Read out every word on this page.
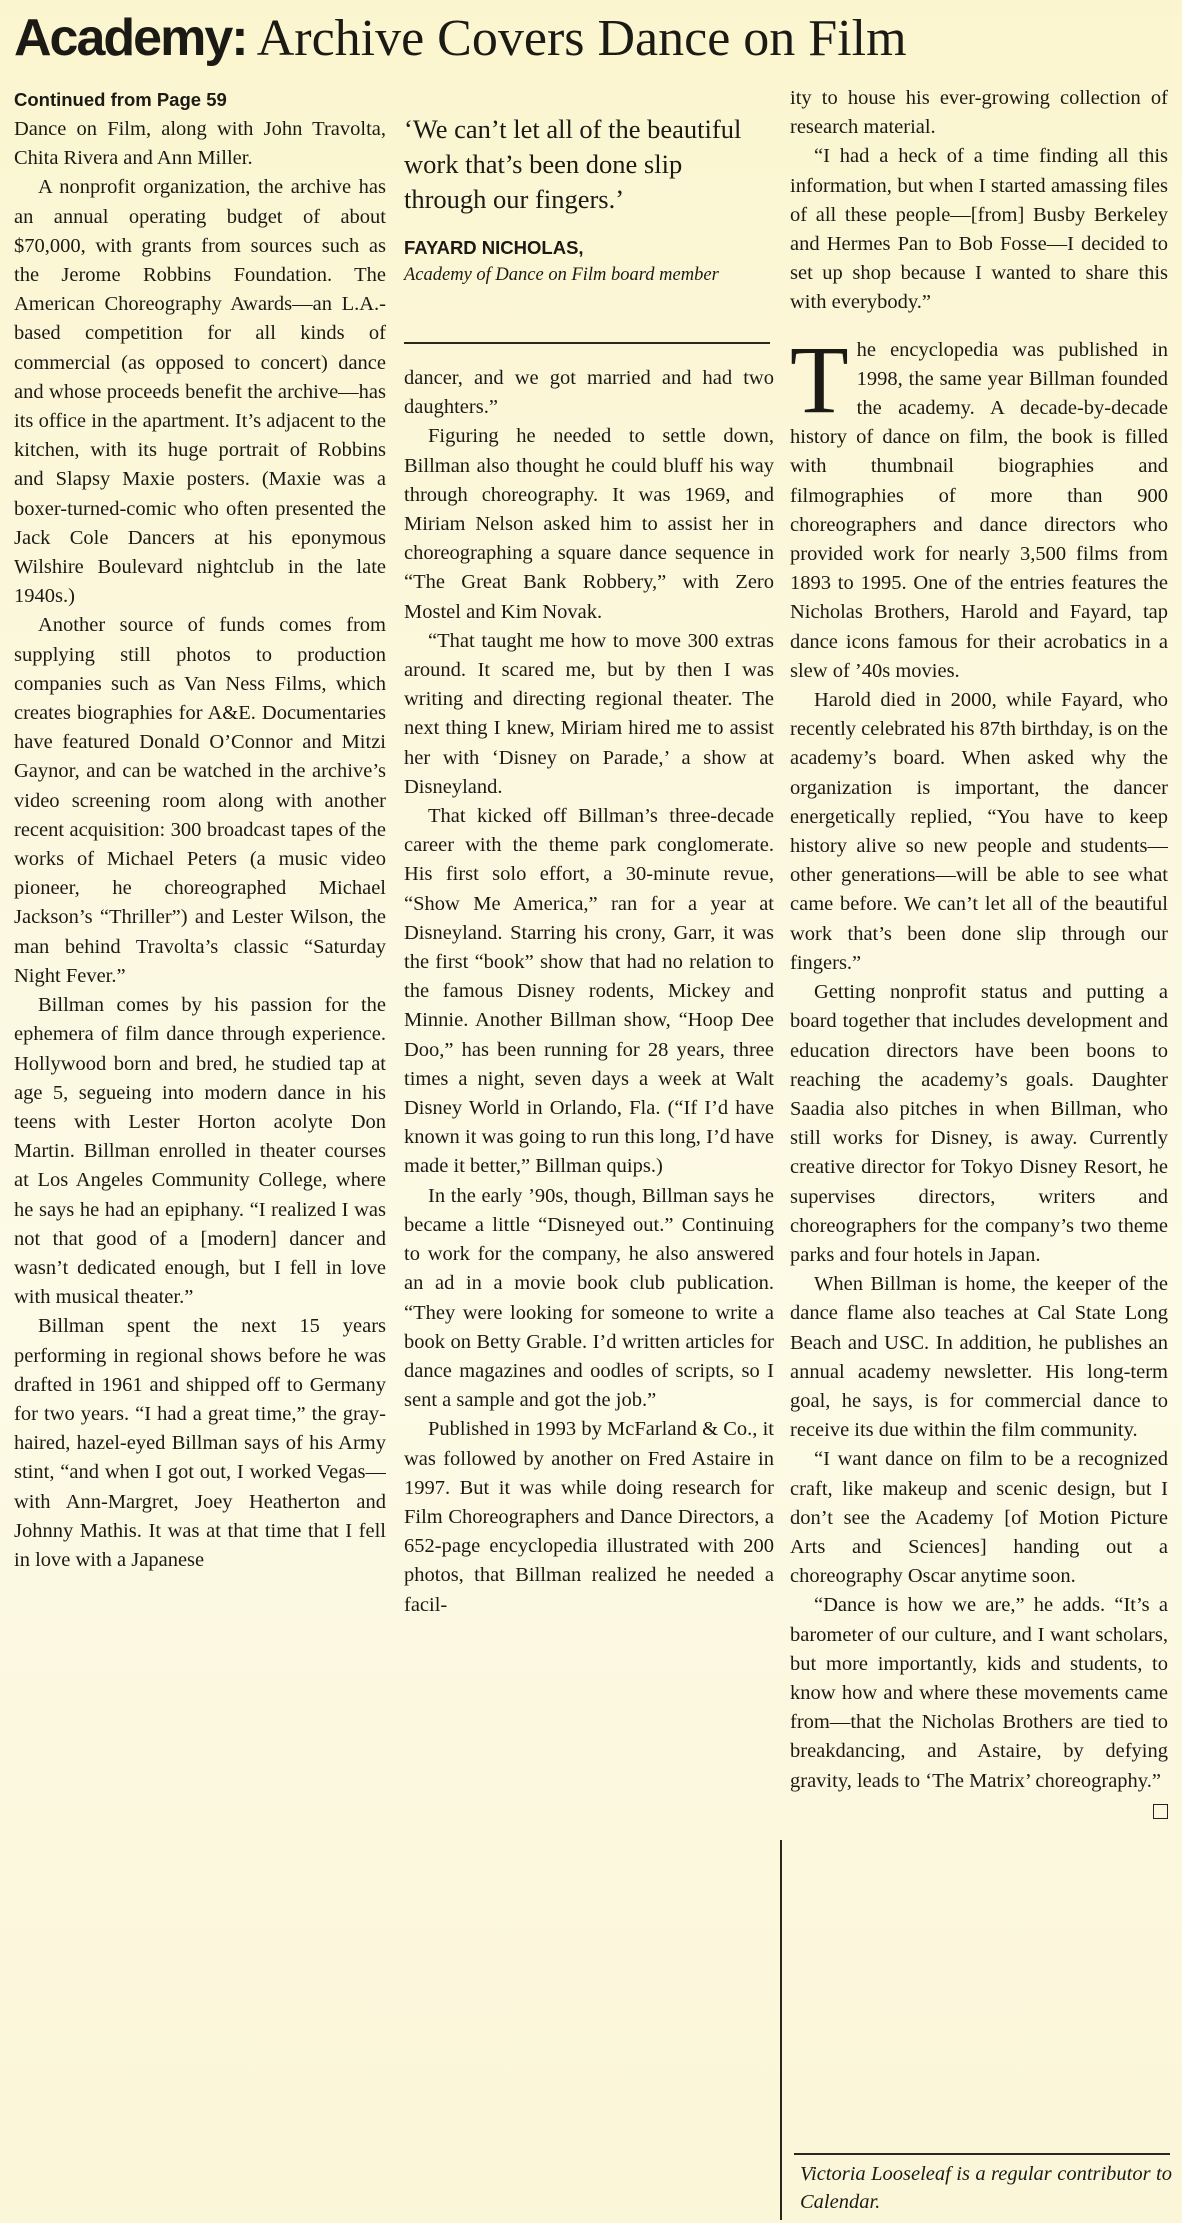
Academy: Archive Covers Dance on Film
Continued from Page 59

Dance on Film, along with John Travolta, Chita Rivera and Ann Miller.

A nonprofit organization, the archive has an annual operating budget of about $70,000, with grants from sources such as the Jerome Robbins Foundation. The American Choreography Awards—an L.A.-based competition for all kinds of commercial (as opposed to concert) dance and whose proceeds benefit the archive—has its office in the apartment. It’s adjacent to the kitchen, with its huge portrait of Robbins and Slapsy Maxie posters. (Maxie was a boxer-turned-comic who often presented the Jack Cole Dancers at his eponymous Wilshire Boulevard nightclub in the late 1940s.)

Another source of funds comes from supplying still photos to production companies such as Van Ness Films, which creates biographies for A&E. Documentaries have featured Donald O’Connor and Mitzi Gaynor, and can be watched in the archive’s video screening room along with another recent acquisition: 300 broadcast tapes of the works of Michael Peters (a music video pioneer, he choreographed Michael Jackson’s “Thriller”) and Lester Wilson, the man behind Travolta’s classic “Saturday Night Fever.”

Billman comes by his passion for the ephemera of film dance through experience. Hollywood born and bred, he studied tap at age 5, segueing into modern dance in his teens with Lester Horton acolyte Don Martin. Billman enrolled in theater courses at Los Angeles Community College, where he says he had an epiphany. “I realized I was not that good of a [modern] dancer and wasn’t dedicated enough, but I fell in love with musical theater.”

Billman spent the next 15 years performing in regional shows before he was drafted in 1961 and shipped off to Germany for two years. “I had a great time,” the gray-haired, hazel-eyed Billman says of his Army stint, “and when I got out, I worked Vegas—with Ann-Margret, Joey Heatherton and Johnny Mathis. It was at that time that I fell in love with a Japanese

‘We can’t let all of the beautiful work that’s been done slip through our fingers.’

FAYARD NICHOLAS,

Academy of Dance on Film board member

dancer, and we got married and had two daughters.”

Figuring he needed to settle down, Billman also thought he could bluff his way through choreography. It was 1969, and Miriam Nelson asked him to assist her in choreographing a square dance sequence in “The Great Bank Robbery,” with Zero Mostel and Kim Novak.

“That taught me how to move 300 extras around. It scared me, but by then I was writing and directing regional theater. The next thing I knew, Miriam hired me to assist her with ‘Disney on Parade,’ a show at Disneyland.

That kicked off Billman’s three-decade career with the theme park conglomerate. His first solo effort, a 30-minute revue, “Show Me America,” ran for a year at Disneyland. Starring his crony, Garr, it was the first “book” show that had no relation to the famous Disney rodents, Mickey and Minnie. Another Billman show, “Hoop Dee Doo,” has been running for 28 years, three times a night, seven days a week at Walt Disney World in Orlando, Fla. (“If I’d have known it was going to run this long, I’d have made it better,” Billman quips.)

In the early ’90s, though, Billman says he became a little “Disneyed out.” Continuing to work for the company, he also answered an ad in a movie book club publication. “They were looking for someone to write a book on Betty Grable. I’d written articles for dance magazines and oodles of scripts, so I sent a sample and got the job.”

Published in 1993 by McFarland & Co., it was followed by another on Fred Astaire in 1997. But it was while doing research for Film Choreographers and Dance Directors, a 652-page encyclopedia illustrated with 200 photos, that Billman realized he needed a facil-

ity to house his ever-growing collection of research material.

“I had a heck of a time finding all this information, but when I started amassing files of all these people—[from] Busby Berkeley and Hermes Pan to Bob Fosse—I decided to set up shop because I wanted to share this with everybody.”

The encyclopedia was published in 1998, the same year Billman founded the academy. A decade-by-decade history of dance on film, the book is filled with thumbnail biographies and filmographies of more than 900 choreographers and dance directors who provided work for nearly 3,500 films from 1893 to 1995. One of the entries features the Nicholas Brothers, Harold and Fayard, tap dance icons famous for their acrobatics in a slew of ’40s movies.

Harold died in 2000, while Fayard, who recently celebrated his 87th birthday, is on the academy’s board. When asked why the organization is important, the dancer energetically replied, “You have to keep history alive so new people and students—other generations—will be able to see what came before. We can’t let all of the beautiful work that’s been done slip through our fingers.”

Getting nonprofit status and putting a board together that includes development and education directors have been boons to reaching the academy’s goals. Daughter Saadia also pitches in when Billman, who still works for Disney, is away. Currently creative director for Tokyo Disney Resort, he supervises directors, writers and choreographers for the company’s two theme parks and four hotels in Japan.

When Billman is home, the keeper of the dance flame also teaches at Cal State Long Beach and USC. In addition, he publishes an annual academy newsletter. His long-term goal, he says, is for commercial dance to receive its due within the film community.

“I want dance on film to be a recognized craft, like makeup and scenic design, but I don’t see the Academy [of Motion Picture Arts and Sciences] handing out a choreography Oscar anytime soon.

“Dance is how we are,” he adds. “It’s a barometer of our culture, and I want scholars, but more importantly, kids and students, to know how and where these movements came from—that the Nicholas Brothers are tied to breakdancing, and Astaire, by defying gravity, leads to ‘The Matrix’ choreography.”

Victoria Looseleaf is a regular contributor to Calendar.
